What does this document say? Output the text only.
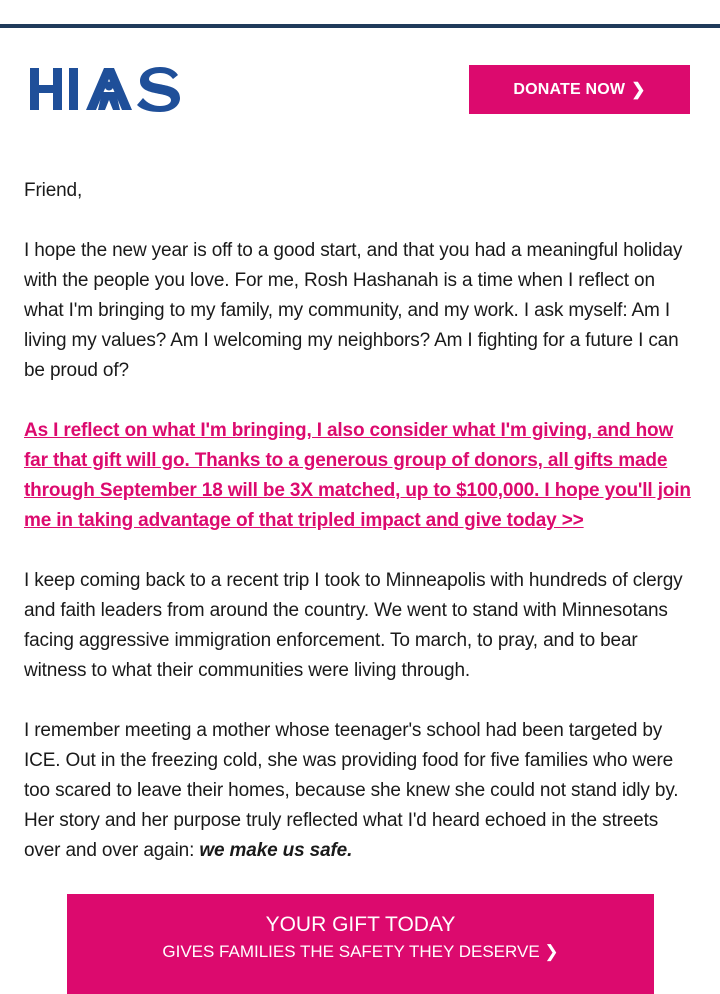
HIAS
DONATE NOW ❯

Friend,

I hope the new year is off to a good start, and that you had a meaningful holiday with the people you love. For me, Rosh Hashanah is a time when I reflect on what I'm bringing to my family, my community, and my work. I ask myself: Am I living my values? Am I welcoming my neighbors? Am I fighting for a future I can be proud of?

As I reflect on what I'm bringing, I also consider what I'm giving, and how far that gift will go. Thanks to a generous group of donors, all gifts made through September 18 will be 3X matched, up to $100,000. I hope you'll join me in taking advantage of that tripled impact and give today >>

I keep coming back to a recent trip I took to Minneapolis with hundreds of clergy and faith leaders from around the country. We went to stand with Minnesotans facing aggressive immigration enforcement. To march, to pray, and to bear witness to what their communities were living through.

I remember meeting a mother whose teenager's school had been targeted by ICE. Out in the freezing cold, she was providing food for five families who were too scared to leave their homes, because she knew she could not stand idly by. Her story and her purpose truly reflected what I'd heard echoed in the streets over and over again: we make us safe.

YOUR GIFT TODAY
GIVES FAMILIES THE SAFETY THEY DESERVE ❯
